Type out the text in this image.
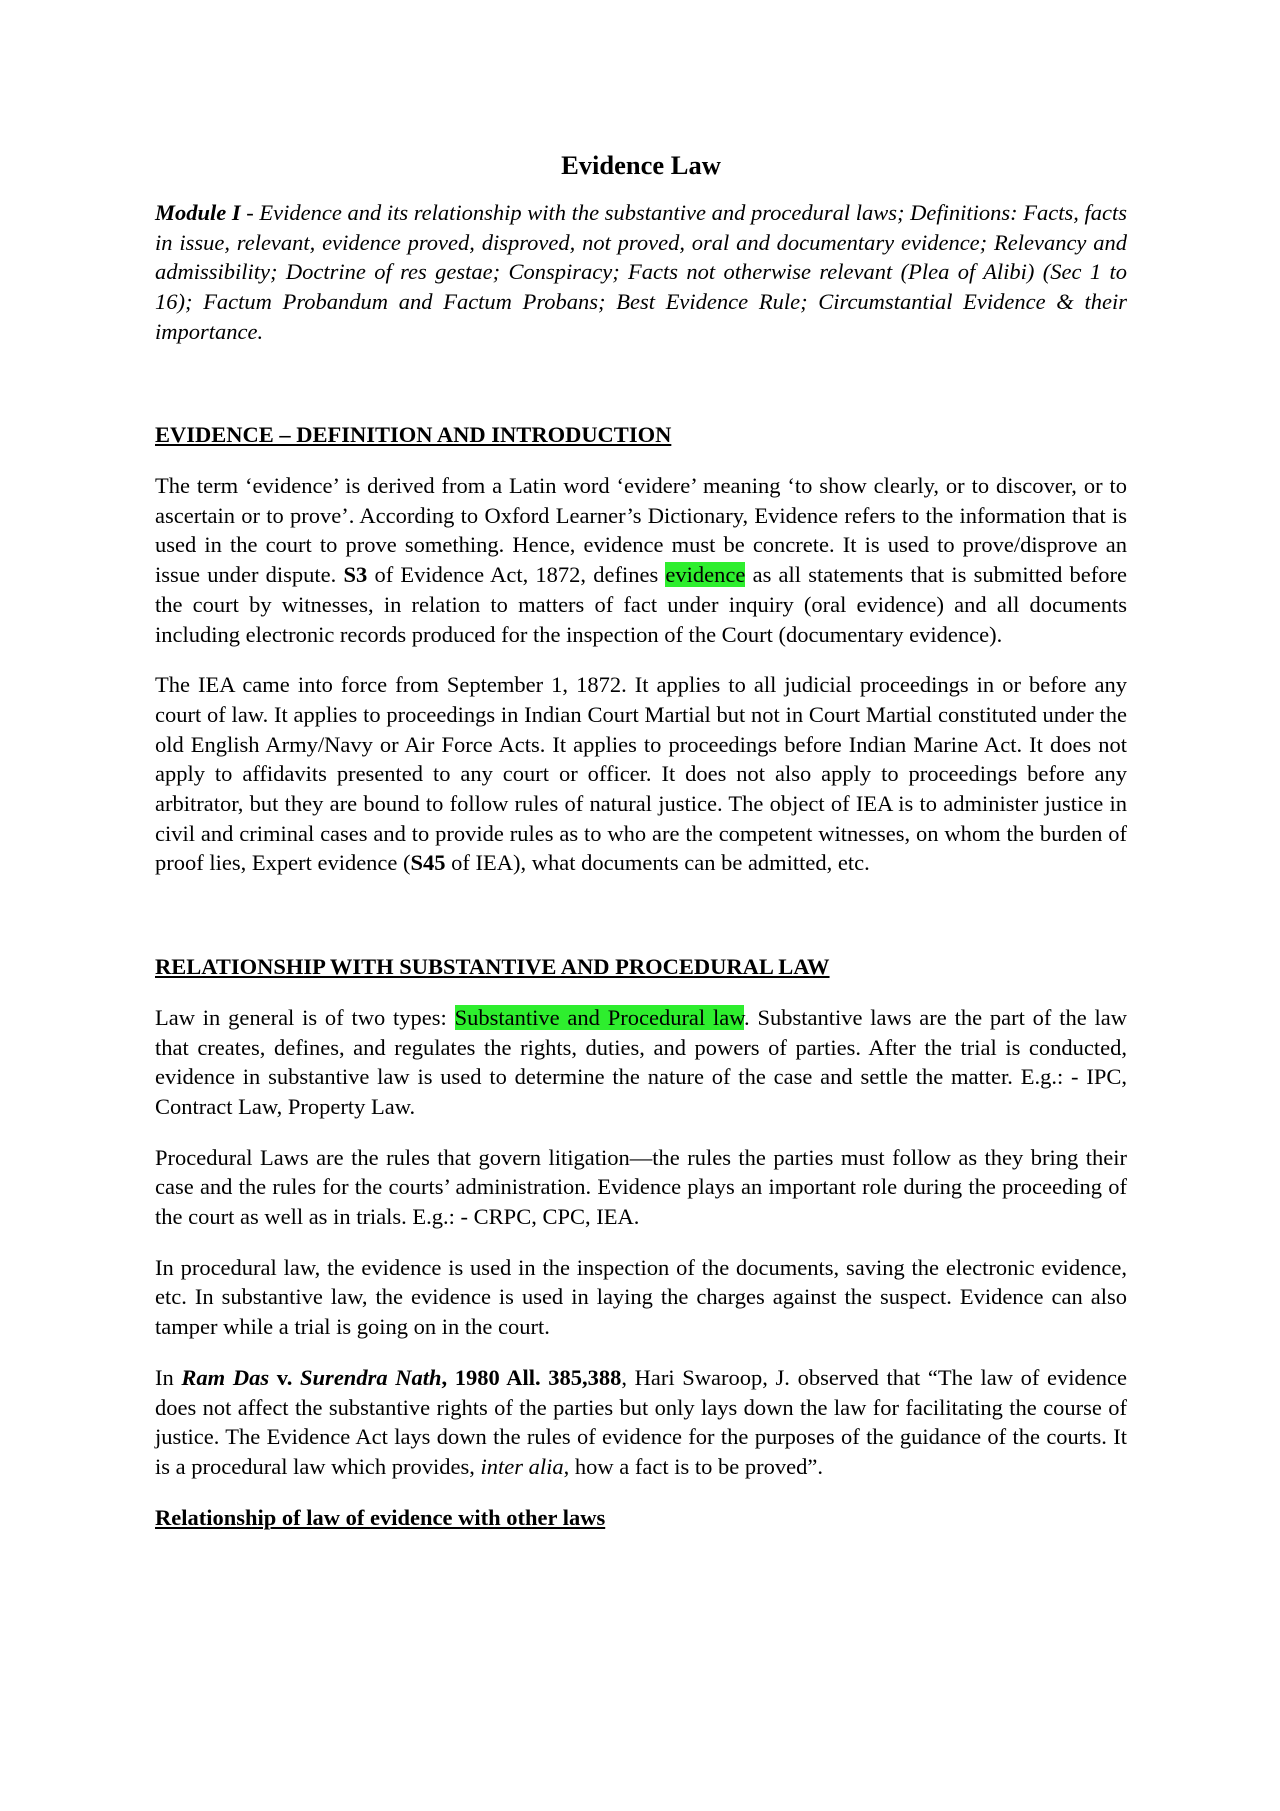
Evidence Law

Module I - Evidence and its relationship with the substantive and procedural laws; Definitions: Facts, facts in issue, relevant, evidence proved, disproved, not proved, oral and documentary evidence; Relevancy and admissibility; Doctrine of res gestae; Conspiracy; Facts not otherwise relevant (Plea of Alibi) (Sec 1 to 16); Factum Probandum and Factum Probans; Best Evidence Rule; Circumstantial Evidence & their importance.

EVIDENCE – DEFINITION AND INTRODUCTION

The term ‘evidence’ is derived from a Latin word ‘evidere’ meaning ‘to show clearly, or to discover, or to ascertain or to prove’. According to Oxford Learner’s Dictionary, Evidence refers to the information that is used in the court to prove something. Hence, evidence must be concrete. It is used to prove/disprove an issue under dispute. S3 of Evidence Act, 1872, defines evidence as all statements that is submitted before the court by witnesses, in relation to matters of fact under inquiry (oral evidence) and all documents including electronic records produced for the inspection of the Court (documentary evidence).

The IEA came into force from September 1, 1872. It applies to all judicial proceedings in or before any court of law. It applies to proceedings in Indian Court Martial but not in Court Martial constituted under the old English Army/Navy or Air Force Acts. It applies to proceedings before Indian Marine Act. It does not apply to affidavits presented to any court or officer. It does not also apply to proceedings before any arbitrator, but they are bound to follow rules of natural justice. The object of IEA is to administer justice in civil and criminal cases and to provide rules as to who are the competent witnesses, on whom the burden of proof lies, Expert evidence (S45 of IEA), what documents can be admitted, etc.

RELATIONSHIP WITH SUBSTANTIVE AND PROCEDURAL LAW

Law in general is of two types: Substantive and Procedural law. Substantive laws are the part of the law that creates, defines, and regulates the rights, duties, and powers of parties. After the trial is conducted, evidence in substantive law is used to determine the nature of the case and settle the matter. E.g.: - IPC, Contract Law, Property Law.

Procedural Laws are the rules that govern litigation—the rules the parties must follow as they bring their case and the rules for the courts’ administration. Evidence plays an important role during the proceeding of the court as well as in trials. E.g.: - CRPC, CPC, IEA.

In procedural law, the evidence is used in the inspection of the documents, saving the electronic evidence, etc. In substantive law, the evidence is used in laying the charges against the suspect. Evidence can also tamper while a trial is going on in the court.

In Ram Das v. Surendra Nath, 1980 All. 385,388, Hari Swaroop, J. observed that “The law of evidence does not affect the substantive rights of the parties but only lays down the law for facilitating the course of justice. The Evidence Act lays down the rules of evidence for the purposes of the guidance of the courts. It is a procedural law which provides, inter alia, how a fact is to be proved”.

Relationship of law of evidence with other laws
